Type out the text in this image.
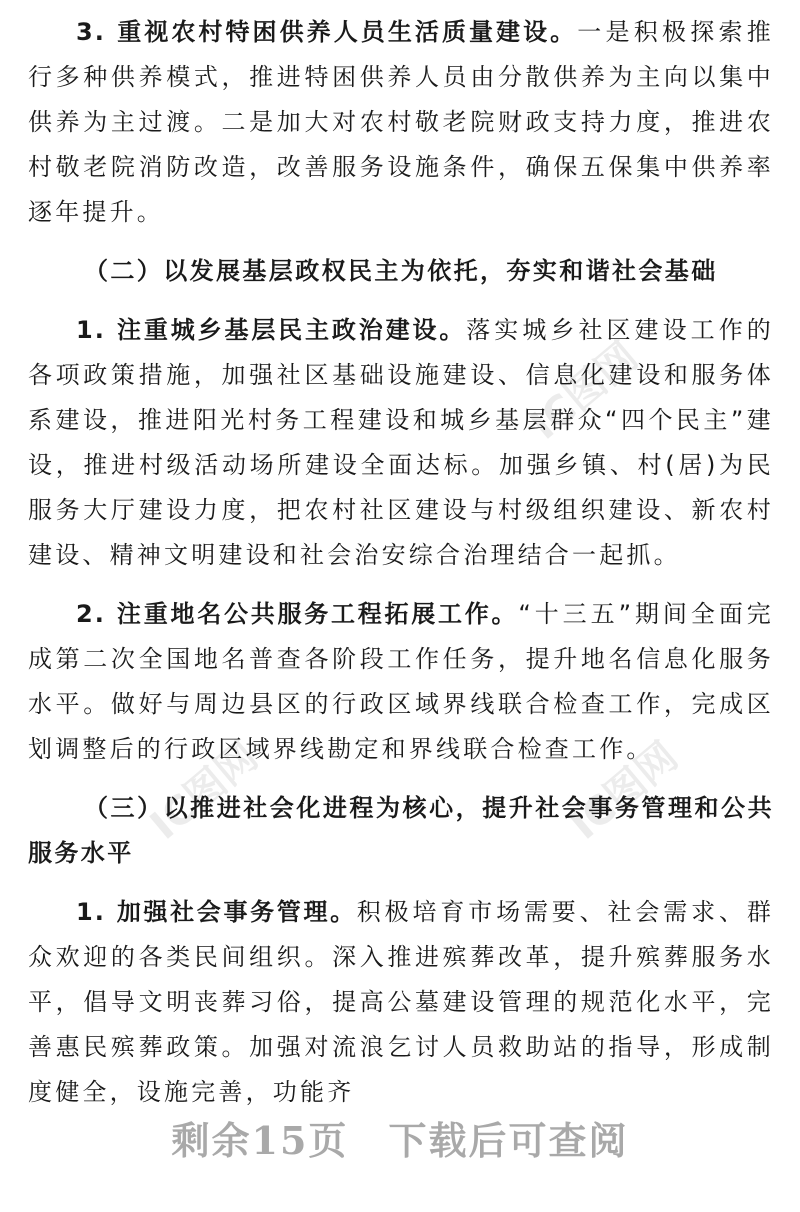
IC图网
IC图网	IC图网

3. 重视农村特困供养人员生活质量建设。一是积极探索推行多种供养模式，推进特困供养人员由分散供养为主向以集中供养为主过渡。二是加大对农村敬老院财政支持力度，推进农村敬老院消防改造，改善服务设施条件，确保五保集中供养率逐年提升。

（二）以发展基层政权民主为依托，夯实和谐社会基础

1. 注重城乡基层民主政治建设。落实城乡社区建设工作的各项政策措施，加强社区基础设施建设、信息化建设和服务体系建设，推进阳光村务工程建设和城乡基层群众“四个民主”建设，推进村级活动场所建设全面达标。加强乡镇、村(居)为民服务大厅建设力度，把农村社区建设与村级组织建设、新农村建设、精神文明建设和社会治安综合治理结合一起抓。

2. 注重地名公共服务工程拓展工作。“十三五”期间全面完成第二次全国地名普查各阶段工作任务，提升地名信息化服务水平。做好与周边县区的行政区域界线联合检查工作，完成区划调整后的行政区域界线勘定和界线联合检查工作。

（三）以推进社会化进程为核心，提升社会事务管理和公共服务水平

1. 加强社会事务管理。积极培育市场需要、社会需求、群众欢迎的各类民间组织。深入推进殡葬改革，提升殡葬服务水平，倡导文明丧葬习俗，提高公墓建设管理的规范化水平，完善惠民殡葬政策。加强对流浪乞讨人员救助站的指导，形成制度健全，设施完善，功能齐

剩余15页 下载后可查阅
